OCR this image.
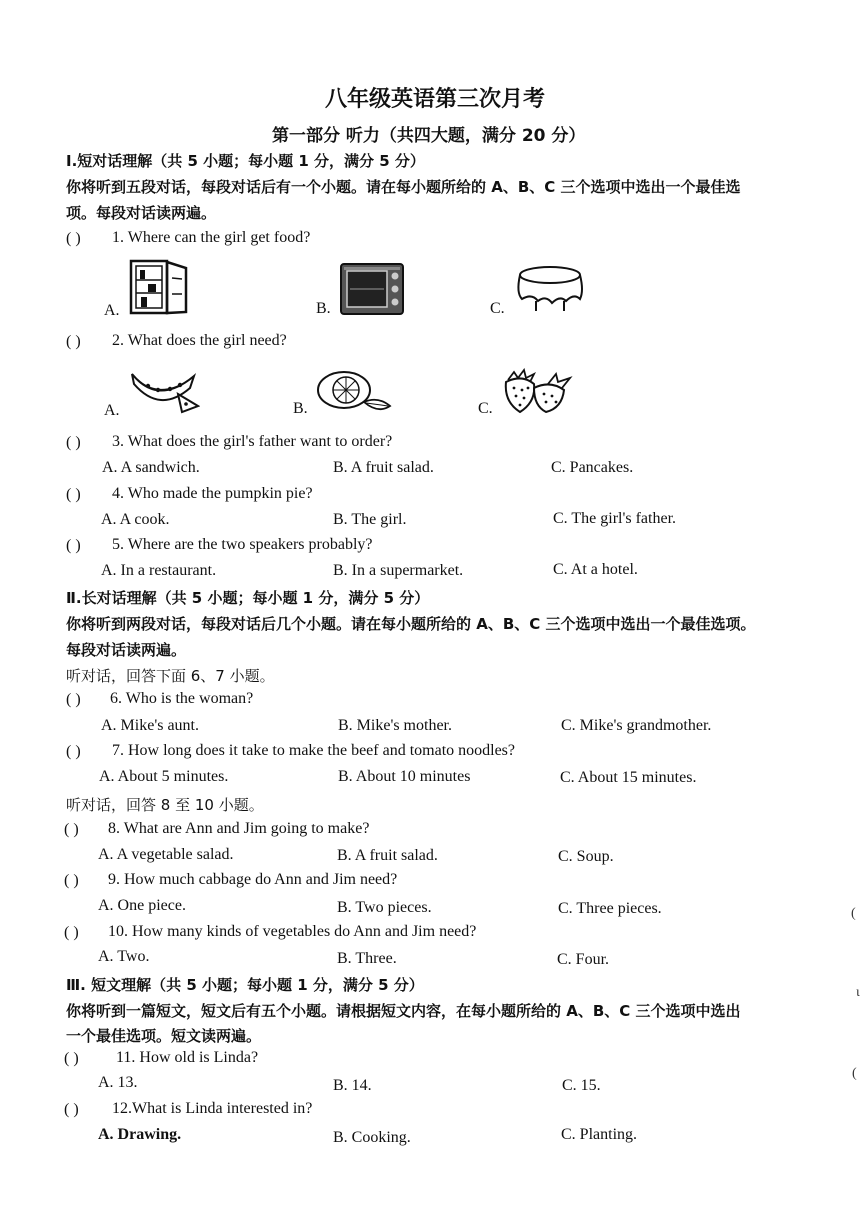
八年级英语第三次月考
第一部分 听力（共四大题，满分 20 分）
Ⅰ.短对话理解（共 5 小题；每小题 1 分，满分 5 分）
你将听到五段对话，每段对话后有一个小题。请在每小题所给的 A、B、C 三个选项中选出一个最佳选
项。每段对话读两遍。
( ) 1. Where can the girl get food?
A.	B.	C.
( ) 2. What does the girl need?
A.	B.	C.
( ) 3. What does the girl's father want to order?
A. A sandwich.	B. A fruit salad.	C. Pancakes.
( ) 4. Who made the pumpkin pie?
A. A cook.	B. The girl.	C. The girl's father.
( ) 5. Where are the two speakers probably?
A. In a restaurant.	B. In a supermarket.	C. At a hotel.
Ⅱ.长对话理解（共 5 小题；每小题 1 分，满分 5 分）
你将听到两段对话，每段对话后几个小题。请在每小题所给的 A、B、C 三个选项中选出一个最佳选项。
每段对话读两遍。
听对话，回答下面 6、7 小题。
( ) 6. Who is the woman?
A. Mike's aunt.	B. Mike's mother.	C. Mike's grandmother.
( ) 7. How long does it take to make the beef and tomato noodles?
A. About 5 minutes.	B. About 10 minutes	C. About 15 minutes.
听对话，回答 8 至 10 小题。
( ) 8. What are Ann and Jim going to make?
A. A vegetable salad.	B. A fruit salad.	C. Soup.
( ) 9. How much cabbage do Ann and Jim need?
A. One piece.	B. Two pieces.	C. Three pieces.
( ) 10. How many kinds of vegetables do Ann and Jim need?
A. Two.	B. Three.	C. Four.
Ⅲ. 短文理解（共 5 小题；每小题 1 分，满分 5 分）
你将听到一篇短文，短文后有五个小题。请根据短文内容，在每小题所给的 A、B、C 三个选项中选出
一个最佳选项。短文读两遍。
( ) 11. How old is Linda?
A. 13.	B. 14.	C. 15.
( ) 12.What is Linda interested in?
A. Drawing.	B. Cooking.	C. Planting.
(
ι
(
